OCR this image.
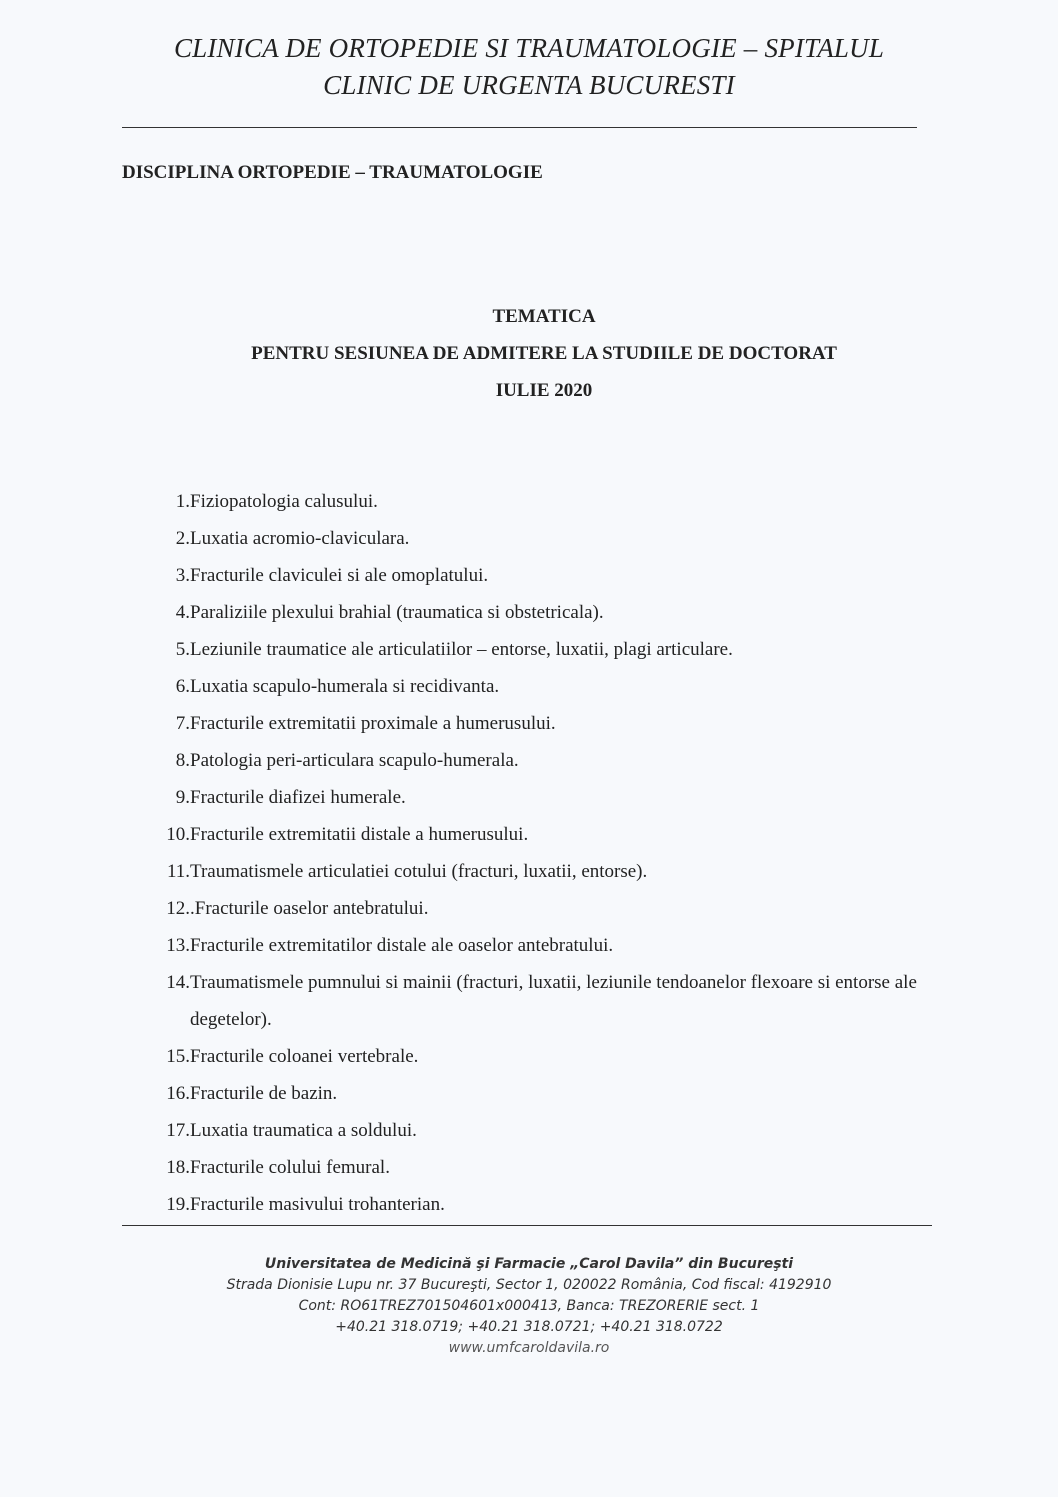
CLINICA DE ORTOPEDIE SI TRAUMATOLOGIE – SPITALUL
CLINIC DE URGENTA BUCURESTI
DISCIPLINA ORTOPEDIE – TRAUMATOLOGIE
TEMATICA
PENTRU SESIUNEA DE ADMITERE LA STUDIILE DE DOCTORAT
IULIE 2020
1. Fiziopatologia calusului.
2. Luxatia acromio-claviculara.
3. Fracturile claviculei si ale omoplatului.
4. Paraliziile plexului brahial (traumatica si obstetricala).
5. Leziunile traumatice ale articulatiilor – entorse, luxatii, plagi articulare.
6. Luxatia scapulo-humerala si recidivanta.
7. Fracturile extremitatii proximale a humerusului.
8. Patologia peri-articulara scapulo-humerala.
9. Fracturile diafizei humerale.
10. Fracturile extremitatii distale a humerusului.
11. Traumatismele articulatiei cotului (fracturi, luxatii, entorse).
12. .Fracturile oaselor antebratului.
13. Fracturile extremitatilor distale ale oaselor antebratului.
14. Traumatismele pumnului si mainii (fracturi, luxatii, leziunile tendoanelor flexoare si entorse ale degetelor).
15. Fracturile coloanei vertebrale.
16. Fracturile de bazin.
17. Luxatia traumatica a soldului.
18. Fracturile colului femural.
19. Fracturile masivului trohanterian.
Universitatea de Medicină şi Farmacie „Carol Davila” din Bucureşti
Strada Dionisie Lupu nr. 37 Bucureşti, Sector 1, 020022 România, Cod fiscal: 4192910
Cont: RO61TREZ701504601x000413, Banca: TREZORERIE sect. 1
+40.21 318.0719; +40.21 318.0721; +40.21 318.0722
www.umfcaroldavila.ro
